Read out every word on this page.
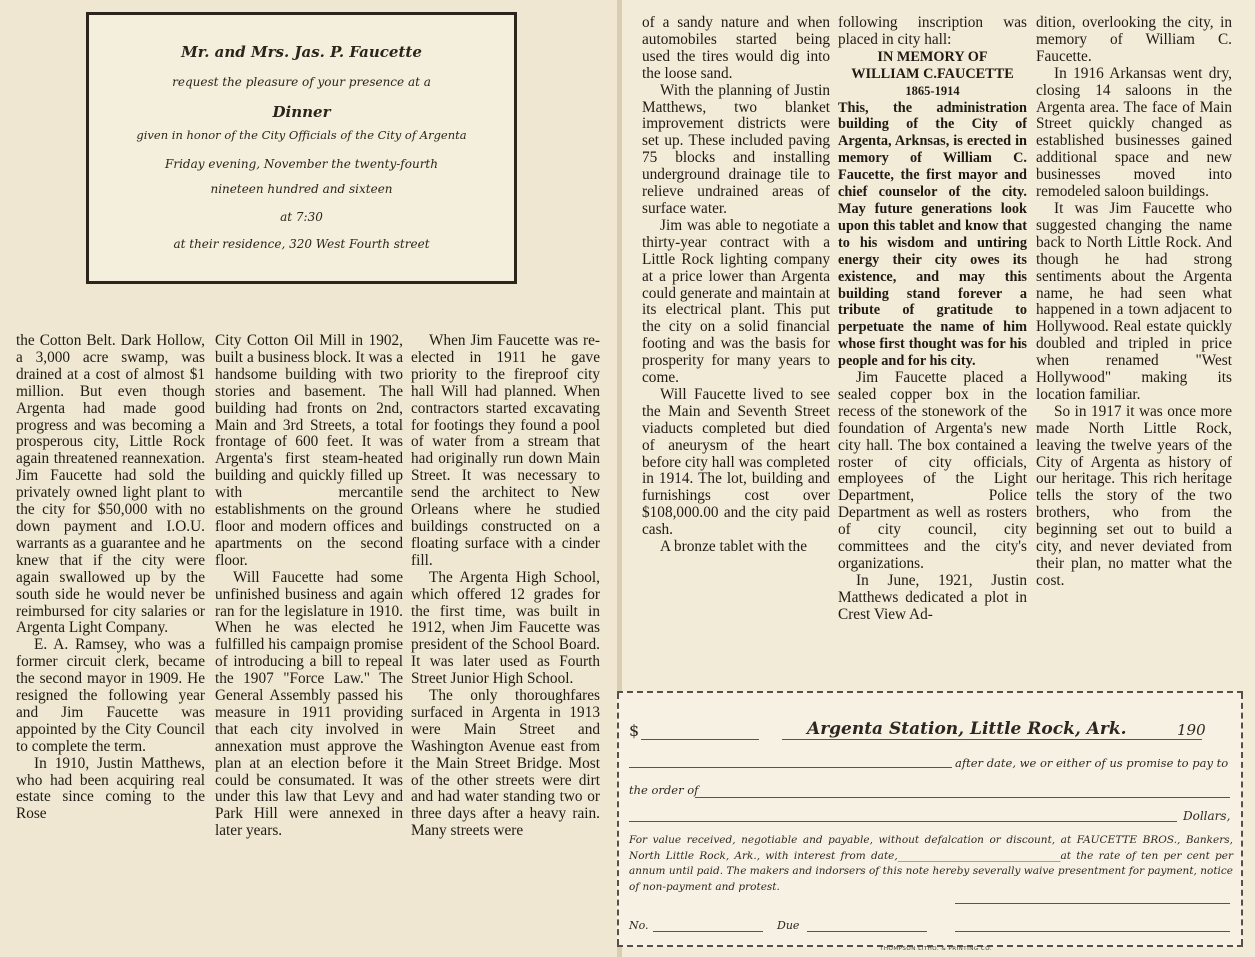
Mr. and Mrs. Jas. P. Faucette
request the pleasure of your presence at a
Dinner
given in honor of the City Officials of the City of Argenta
Friday evening, November the twenty-fourth
nineteen hundred and sixteen
at 7:30
at their residence, 320 West Fourth street

the Cotton Belt. Dark Hollow, a 3,000 acre swamp, was drained at a cost of almost $1 million. But even though Argenta had made good progress and was becoming a prosperous city, Little Rock again threatened reannexation. Jim Faucette had sold the privately owned light plant to the city for $50,000 with no down payment and I.O.U. warrants as a guarantee and he knew that if the city were again swallowed up by the south side he would never be reimbursed for city salaries or Argenta Light Company.

E. A. Ramsey, who was a former circuit clerk, became the second mayor in 1909. He resigned the following year and Jim Faucette was appointed by the City Council to complete the term.

In 1910, Justin Matthews, who had been acquiring real estate since coming to the Rose

City Cotton Oil Mill in 1902, built a business block. It was a handsome building with two stories and basement. The building had fronts on 2nd, Main and 3rd Streets, a total frontage of 600 feet. It was Argenta's first steam-heated building and quickly filled up with mercantile establishments on the ground floor and modern offices and apartments on the second floor.

Will Faucette had some unfinished business and again ran for the legislature in 1910. When he was elected he fulfilled his campaign promise of introducing a bill to repeal the 1907 "Force Law." The General Assembly passed his measure in 1911 providing that each city involved in annexation must approve the plan at an election before it could be consumated. It was under this law that Levy and Park Hill were annexed in later years.

When Jim Faucette was re-elected in 1911 he gave priority to the fireproof city hall Will had planned. When contractors started excavating for footings they found a pool of water from a stream that had originally run down Main Street. It was necessary to send the architect to New Orleans where he studied buildings constructed on a floating surface with a cinder fill.

The Argenta High School, which offered 12 grades for the first time, was built in 1912, when Jim Faucette was president of the School Board. It was later used as Fourth Street Junior High School.

The only thoroughfares surfaced in Argenta in 1913 were Main Street and Washington Avenue east from the Main Street Bridge. Most of the other streets were dirt and had water standing two or three days after a heavy rain. Many streets were

of a sandy nature and when automobiles started being used the tires would dig into the loose sand.

With the planning of Justin Matthews, two blanket improvement districts were set up. These included paving 75 blocks and installing underground drainage tile to relieve undrained areas of surface water.

Jim was able to negotiate a thirty-year contract with a Little Rock lighting company at a price lower than Argenta could generate and maintain at its electrical plant. This put the city on a solid financial footing and was the basis for prosperity for many years to come.

Will Faucette lived to see the Main and Seventh Street viaducts completed but died of aneurysm of the heart before city hall was completed in 1914. The lot, building and furnishings cost over $108,000.00 and the city paid cash.

A bronze tablet with the

following inscription was placed in city hall:

IN MEMORY OF

WILLIAM C.FAUCETTE

1865-1914

This, the administration building of the City of Argenta, Arknsas, is erected in memory of William C. Faucette, the first mayor and chief counselor of the city. May future generations look upon this tablet and know that to his wisdom and untiring energy their city owes its existence, and may this building stand forever a tribute of gratitude to perpetuate the name of him whose first thought was for his people and for his city.

Jim Faucette placed a sealed copper box in the recess of the stonework of the foundation of Argenta's new city hall. The box contained a roster of city officials, employees of the Light Department, Police Department as well as rosters of city council, city committees and the city's organizations.

In June, 1921, Justin Matthews dedicated a plot in Crest View Ad-

dition, overlooking the city, in memory of William C. Faucette.

In 1916 Arkansas went dry, closing 14 saloons in the Argenta area. The face of Main Street quickly changed as established businesses gained additional space and new businesses moved into remodeled saloon buildings.

It was Jim Faucette who suggested changing the name back to North Little Rock. And though he had strong sentiments about the Argenta name, he had seen what happened in a town adjacent to Hollywood. Real estate quickly doubled and tripled in price when renamed "West Hollywood" making its location familiar.

So in 1917 it was once more made North Little Rock, leaving the twelve years of the City of Argenta as history of our heritage. This rich heritage tells the story of the two brothers, who from the beginning set out to build a city, and never deviated from their plan, no matter what the cost.

$	Argenta Station, Little Rock, Ark.	190
after date, we or either of us promise to pay to
the order of
Dollars,
For value received, negotiable and payable, without defalcation or discount, at FAUCETTE BROS., Bankers, North Little Rock, Ark., with interest from date,_______________________________at the rate of ten per cent per annum until paid. The makers and indorsers of this note hereby severally waive presentment for payment, notice of non-payment and protest.
No.	Due
THOMPSON LITHO. & PRINTING CO.
